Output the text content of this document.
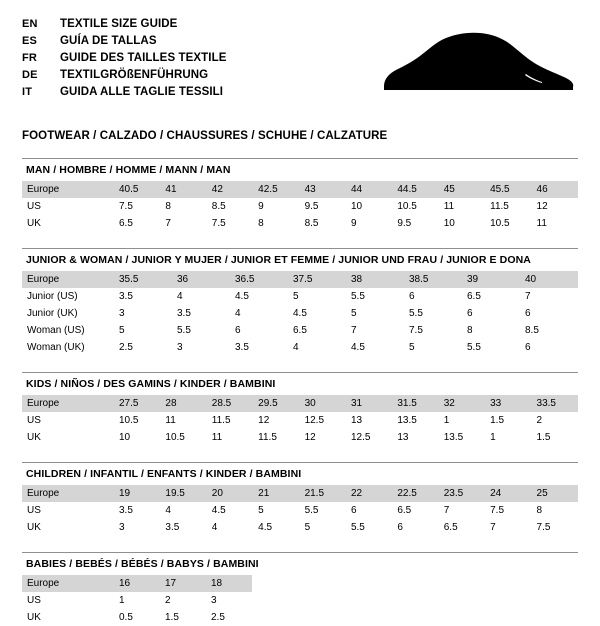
EN	TEXTILE SIZE GUIDE
ES	GUÍA DE TALLAS
FR	GUIDE DES TAILLES TEXTILE
DE	TEXTILGRÖßENFÜHRUNG
IT	GUIDA ALLE TAGLIE TESSILI
FOOTWEAR / CALZADO / CHAUSSURES / SCHUHE / CALZATURE
MAN / HOMBRE / HOMME / MANN / MAN
Europe	40.5	41	42	42.5	43	44	44.5	45	45.5	46
US	7.5	8	8.5	9	9.5	10	10.5	11	11.5	12
UK	6.5	7	7.5	8	8.5	9	9.5	10	10.5	11
JUNIOR & WOMAN / JUNIOR Y MUJER / JUNIOR ET FEMME / JUNIOR UND FRAU / JUNIOR E DONA
Europe	35.5	36	36.5	37.5	38	38.5	39	40
Junior (US)	3.5	4	4.5	5	5.5	6	6.5	7
Junior (UK)	3	3.5	4	4.5	5	5.5	6	6
Woman (US)	5	5.5	6	6.5	7	7.5	8	8.5
Woman (UK)	2.5	3	3.5	4	4.5	5	5.5	6
KIDS / NIÑOS / DES GAMINS / KINDER / BAMBINI
Europe	27.5	28	28.5	29.5	30	31	31.5	32	33	33.5
US	10.5	11	11.5	12	12.5	13	13.5	1	1.5	2
UK	10	10.5	11	11.5	12	12.5	13	13.5	1	1.5
CHILDREN / INFANTIL / ENFANTS / KINDER / BAMBINI
Europe	19	19.5	20	21	21.5	22	22.5	23.5	24	25
US	3.5	4	4.5	5	5.5	6	6.5	7	7.5	8
UK	3	3.5	4	4.5	5	5.5	6	6.5	7	7.5
BABIES / BEBÉS / BÉBÉS / BABYS / BAMBINI
Europe	16	17	18	
US	1	2	3	
UK	0.5	1.5	2.5	
